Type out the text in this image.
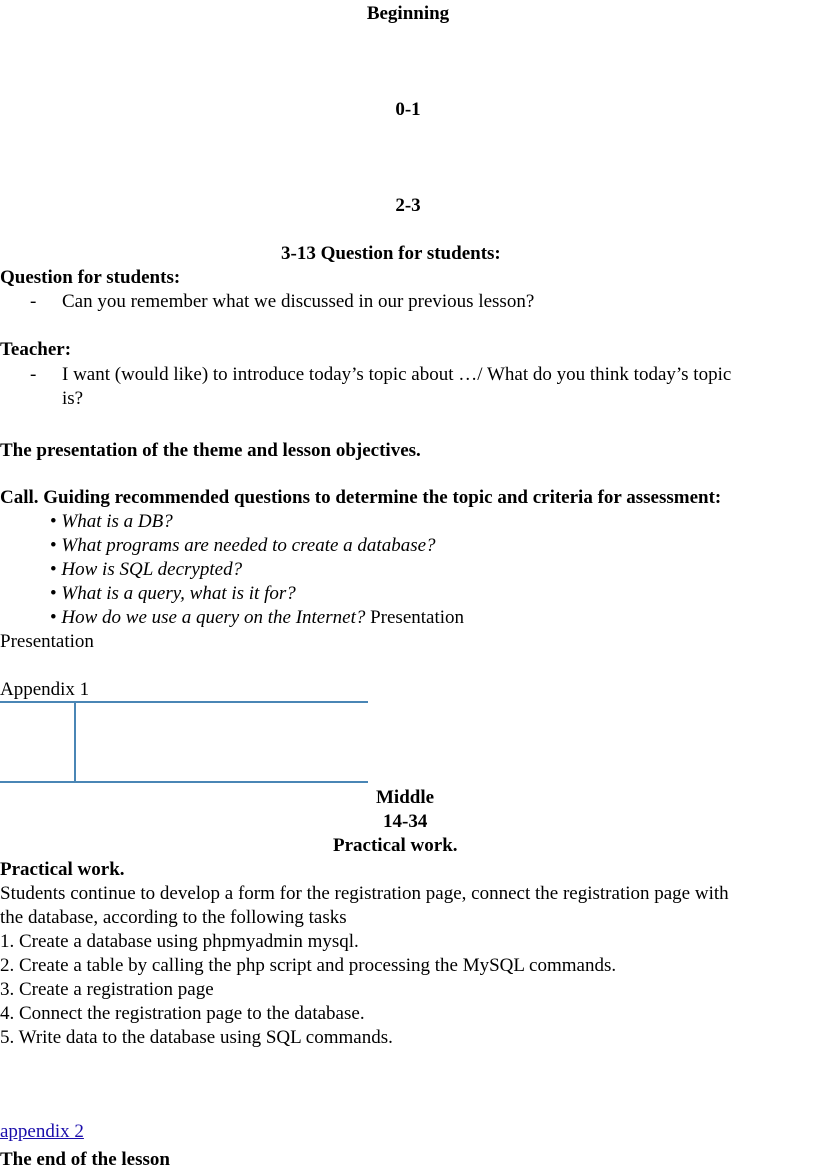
Beginning
0-1
2-3
3-13 Question for students:
Question for students:
- Can you remember what we discussed in our previous lesson?
Teacher:
- I want (would like) to introduce today’s topic about …/ What do you think today’s topic
is?
The presentation of the theme and lesson objectives.
Call. Guiding recommended questions to determine the topic and criteria for assessment:
• What is a DB?
• What programs are needed to create a database?
• How is SQL decrypted?
• What is a query, what is it for?
• How do we use a query on the Internet? Presentation
Presentation
Appendix 1
Middle
14-34
Practical work.
Practical work.
Students continue to develop a form for the registration page, connect the registration page with
the database, according to the following tasks
1. Create a database using phpmyadmin mysql.
2. Create a table by calling the php script and processing the MySQL commands.
3. Create a registration page
4. Connect the registration page to the database.
5. Write data to the database using SQL commands.
appendix 2
The end of the lesson
